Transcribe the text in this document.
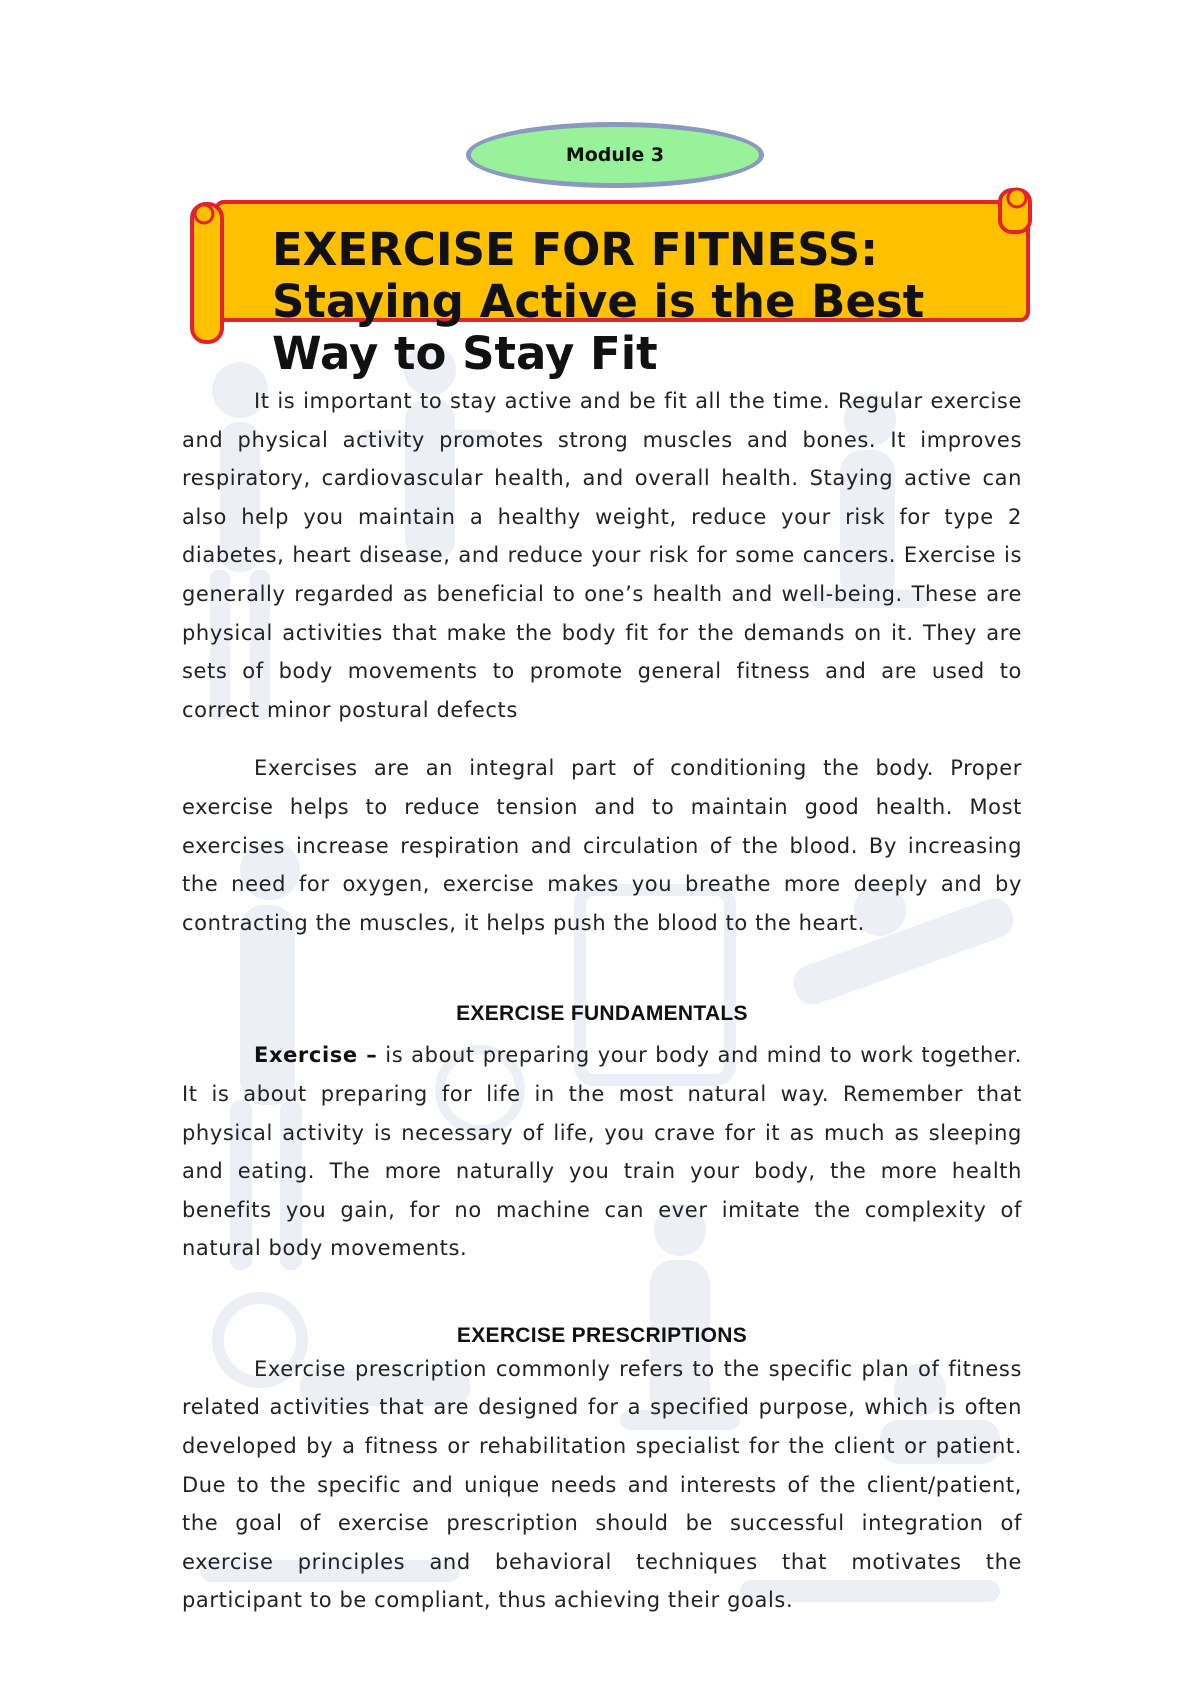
Module 3
EXERCISE FOR FITNESS: Staying Active is the Best Way to Stay Fit

It is important to stay active and be fit all the time. Regular exercise and physical activity promotes strong muscles and bones. It improves respiratory, cardiovascular health, and overall health. Staying active can also help you maintain a healthy weight, reduce your risk for type 2 diabetes, heart disease, and reduce your risk for some cancers. Exercise is generally regarded as beneficial to one’s health and well-being. These are physical activities that make the body fit for the demands on it. They are sets of body movements to promote general fitness and are used to correct minor postural defects

Exercises are an integral part of conditioning the body. Proper exercise helps to reduce tension and to maintain good health. Most exercises increase respiration and circulation of the blood. By increasing the need for oxygen, exercise makes you breathe more deeply and by contracting the muscles, it helps push the blood to the heart.

EXERCISE FUNDAMENTALS

Exercise – is about preparing your body and mind to work together. It is about preparing for life in the most natural way. Remember that physical activity is necessary of life, you crave for it as much as sleeping and eating. The more naturally you train your body, the more health benefits you gain, for no machine can ever imitate the complexity of natural body movements.

EXERCISE PRESCRIPTIONS

Exercise prescription commonly refers to the specific plan of fitness related activities that are designed for a specified purpose, which is often developed by a fitness or rehabilitation specialist for the client or patient. Due to the specific and unique needs and interests of the client/patient, the goal of exercise prescription should be successful integration of exercise principles and behavioral techniques that motivates the participant to be compliant, thus achieving their goals.
